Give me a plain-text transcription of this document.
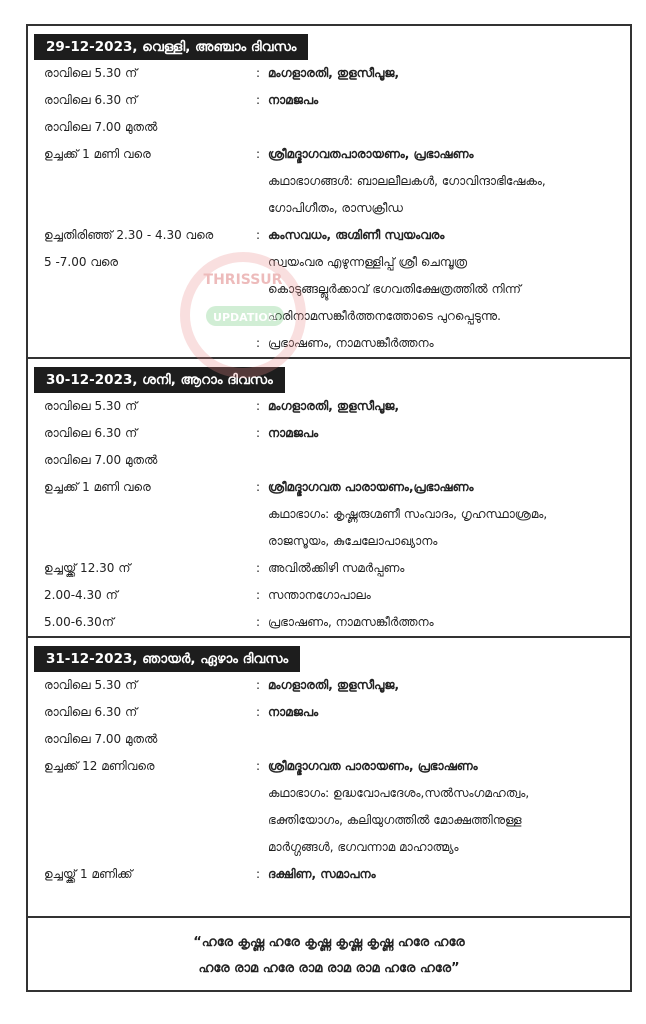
29-12-2023, വെള്ളി, അഞ്ചാം ദിവസം
രാവിലെ 5.30 ന്	: മംഗളാരതി, തുളസീപൂജ,
രാവിലെ 6.30 ന്	: നാമജപം
രാവിലെ 7.00 മുതൽ
ഉച്ചക്ക് 1 മണി വരെ	: ശ്രീമദ്ഭാഗവതപാരായണം, പ്രഭാഷണം
കഥാഭാഗങ്ങൾ: ബാലലീലകൾ, ഗോവിന്ദാഭിഷേകം,
ഗോപിഗീതം, രാസക്രീഡ
ഉച്ചതിരിഞ്ഞ് 2.30 - 4.30 വരെ	: കംസവധം, രുഗ്മിണീ സ്വയംവരം
5 -7.00 വരെ	സ്വയംവര എഴുന്നള്ളിപ്പ് ശ്രീ ചെമ്പൂത്ര
കൊടുങ്ങല്ലൂർക്കാവ് ഭഗവതിക്ഷേത്രത്തിൽ നിന്ന്
ഹരിനാമസങ്കീർത്തനത്തോടെ പുറപ്പെടുന്നു.
: പ്രഭാഷണം, നാമസങ്കീർത്തനം
30-12-2023, ശനി, ആറാം ദിവസം
രാവിലെ 5.30 ന്	: മംഗളാരതി, തുളസീപൂജ,
രാവിലെ 6.30 ന്	: നാമജപം
രാവിലെ 7.00 മുതൽ
ഉച്ചക്ക് 1 മണി വരെ	: ശ്രീമദ്ഭാഗവത പാരായണം,പ്രഭാഷണം
കഥാഭാഗം: കൃഷ്ണരുഗ്മണീ സംവാദം, ഗൃഹസ്ഥാശ്രമം,
രാജസൂയം, കുചേലോപാഖ്യാനം
ഉച്ചയ്ക്ക് 12.30 ന്	: അവിൽക്കിഴി സമർപ്പണം
2.00-4.30 ന്	: സന്താനഗോപാലം
5.00-6.30ന്	: പ്രഭാഷണം, നാമസങ്കീർത്തനം
31-12-2023, ഞായർ, ഏഴാം ദിവസം
രാവിലെ 5.30 ന്	: മംഗളാരതി, തുളസീപൂജ,
രാവിലെ 6.30 ന്	: നാമജപം
രാവിലെ 7.00 മുതൽ
ഉച്ചക്ക് 12 മണിവരെ	: ശ്രീമദ്ഭാഗവത പാരായണം, പ്രഭാഷണം
കഥാഭാഗം: ഉദ്ധവോപദേശം,സൽസംഗമഹത്വം,
ഭക്തിയോഗം, കലിയുഗത്തിൽ മോക്ഷത്തിനുള്ള
മാർഗ്ഗങ്ങൾ, ഭഗവന്നാമ മാഹാത്മ്യം
ഉച്ചയ്ക്ക് 1 മണിക്ക്	: ദക്ഷിണ, സമാപനം
“ഹരേ കൃഷ്ണ ഹരേ കൃഷ്ണ കൃഷ്ണ കൃഷ്ണ ഹരേ ഹരേ
ഹരേ രാമ ഹരേ രാമ രാമ രാമ ഹരേ ഹരേ”
THRISSUR
UPDATION
